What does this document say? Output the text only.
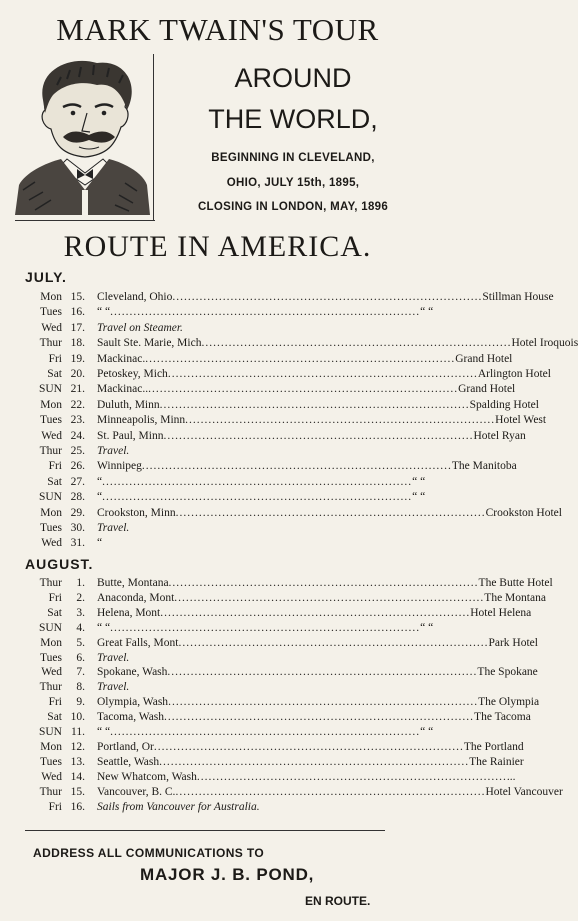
MARK TWAIN'S TOUR
AROUND
THE WORLD,
BEGINNING IN CLEVELAND,
OHIO, JULY 15th, 1895,
CLOSING IN LONDON, MAY, 1896
ROUTE IN AMERICA.
JULY.
Mon 15. Cleveland, Ohio ................................................................................ Stillman House
Tues 16. “ “ ................................................................................ “ “
Wed 17. Travel on Steamer.
Thur 18. Sault Ste. Marie, Mich ................................................................................ Hotel Iroquois
Fri 19. Mackinac. ................................................................................ Grand Hotel
Sat 20. Petoskey, Mich ................................................................................ Arlington Hotel
SUN 21. Mackinac.. ................................................................................ Grand Hotel
Mon 22. Duluth, Minn ................................................................................ Spalding Hotel
Tues 23. Minneapolis, Minn ................................................................................ Hotel West
Wed 24. St. Paul, Minn ................................................................................ Hotel Ryan
Thur 25. Travel.
Fri 26. Winnipeg ................................................................................ The Manitoba
Sat 27. “ ................................................................................ “ “
SUN 28. “ ................................................................................ “ “
Mon 29. Crookston, Minn ................................................................................ Crookston Hotel
Tues 30. Travel.
Wed 31. “
AUGUST.
Thur	1. Butte, Montana ................................................................................ The Butte Hotel
Fri	2. Anaconda, Mont ................................................................................ The Montana
Sat	3. Helena, Mont ................................................................................ Hotel Helena
SUN	4. “ “ ................................................................................ “ “
Mon	5. Great Falls, Mont ................................................................................ Park Hotel
Tues	6. Travel.
Wed	7. Spokane, Wash ................................................................................ The Spokane
Thur	8. Travel.
Fri	9. Olympia, Wash ................................................................................ The Olympia
Sat 10. Tacoma, Wash ................................................................................ The Tacoma
SUN 11. “ “ ................................................................................ “ “
Mon 12. Portland, Or ................................................................................ The Portland
Tues 13. Seattle, Wash ................................................................................ The Rainier
Wed 14. New Whatcom, Wash ................................................................................ ...
Thur 15. Vancouver, B. C. ................................................................................ Hotel Vancouver
Fri 16. Sails from Vancouver for Australia.
ADDRESS ALL COMMUNICATIONS TO
MAJOR J. B. POND,
EN ROUTE.
